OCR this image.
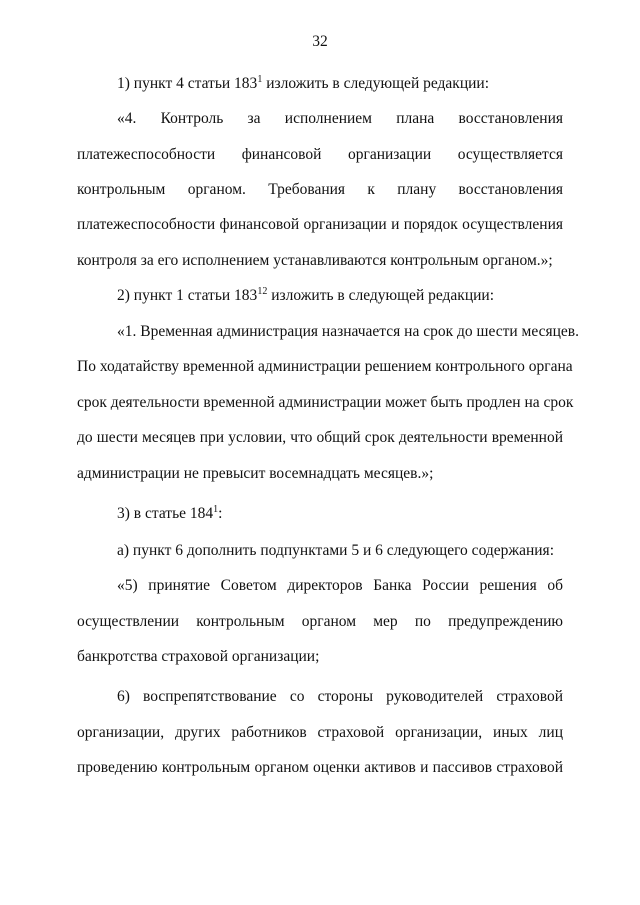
32
1) пункт 4 статьи $183^1$ изложить в следующей редакции:
«4. Контроль за исполнением плана восстановления
платежеспособности финансовой организации осуществляется
контрольным органом. Требования к плану восстановления
платежеспособности финансовой организации и порядок осуществления
контроля за его исполнением устанавливаются контрольным органом.»;
2) пункт 1 статьи $183^{12}$ изложить в следующей редакции:
«1. Временная администрация назначается на срок до шести месяцев.
По ходатайству временной администрации решением контрольного органа
срок деятельности временной администрации может быть продлен на срок
до шести месяцев при условии, что общий срок деятельности временной
администрации не превысит восемнадцать месяцев.»;
3) в статье $184^1$:
а) пункт 6 дополнить подпунктами 5 и 6 следующего содержания:
«5) принятие Советом директоров Банка России решения об
осуществлении контрольным органом мер по предупреждению
банкротства страховой организации;
6) воспрепятствование со стороны руководителей страховой
организации, других работников страховой организации, иных лиц
проведению контрольным органом оценки активов и пассивов страховой
